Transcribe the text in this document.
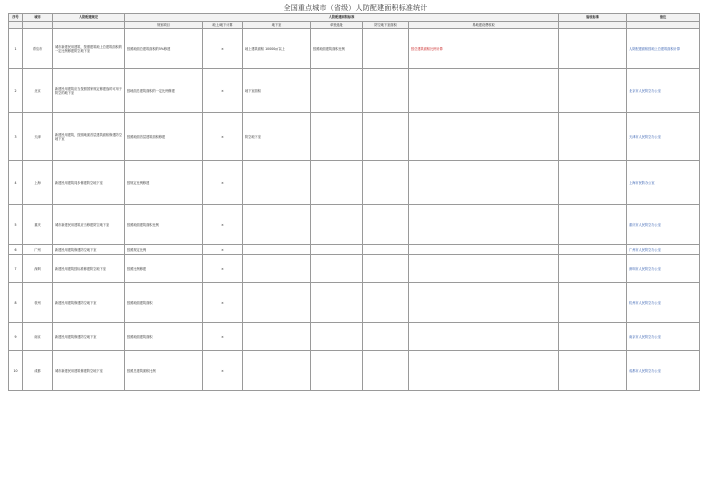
全国重点城市（省级）人防配建面积标准统计
序号	城市	人防配建规定	人防配建面积标准						验收标准	备注
			规划项目	地上/地下计算	地下室	单独选址	防空地下室面积	易地建设费收取		
1	青岛市	城市新建民用建筑，按照建筑地上总建筑面积的一定比例修建防空地下室	按照地面总建筑面积的5%修建	×	地上建筑面积 10000㎡以上	按照地面建筑面积比例		按总建筑面积比例计算		人防配建面积按地上总建筑面积计算
2	北京	新建民用建筑应当按照国家规定修建战时可用于防空的地下室	按地面总建筑面积的一定比例修建	×	地下室面积					北京市人民防空办公室
3	天津	新建民用建筑，按照地面首层建筑面积修建防空地下室	按照地面首层建筑面积修建	×	防空地下室					天津市人民防空办公室
4	上海	新建民用建筑同步修建防空地下室	按规定比例修建	×						上海市民防办公室
5	重庆	城市新建民用建筑应当修建防空地下室	按照地面建筑面积比例	×						重庆市人民防空办公室
6	广州	新建民用建筑修建防空地下室	按照规定比例	×						广州市人民防空办公室
7	深圳	新建民用建筑按标准修建防空地下室	按照比例修建	×						深圳市人民防空办公室
8	杭州	新建民用建筑修建防空地下室	按照地面建筑面积	×						杭州市人民防空办公室
9	南京	新建民用建筑修建防空地下室	按照地面建筑面积	×						南京市人民防空办公室
10	成都	城市新建民用建筑修建防空地下室	按照总建筑面积比例	×						成都市人民防空办公室
